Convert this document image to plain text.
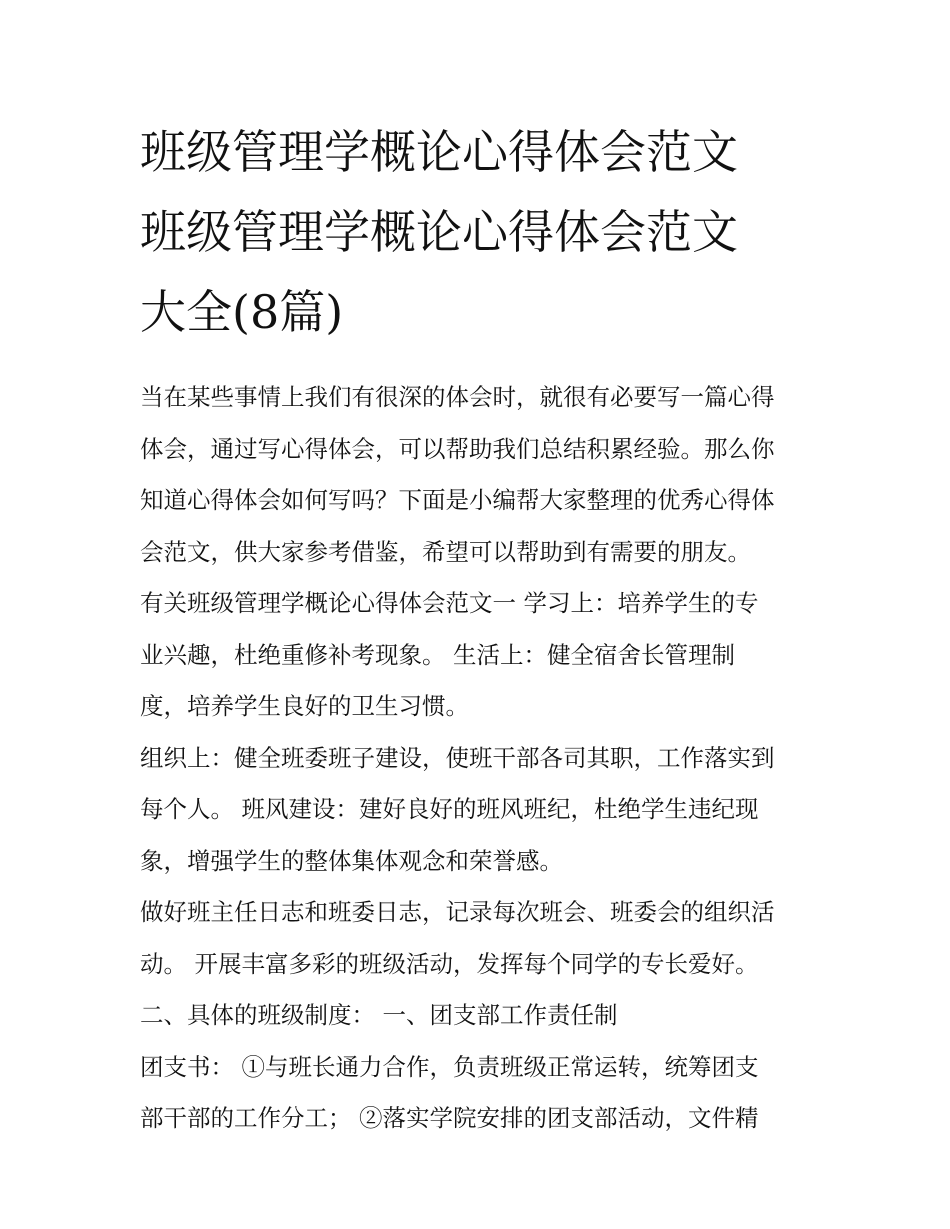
班级管理学概论心得体会范文
班级管理学概论心得体会范文
大全(8篇)

当在某些事情上我们有很深的体会时，就很有必要写一篇心得
体会，通过写心得体会，可以帮助我们总结积累经验。那么你
知道心得体会如何写吗？下面是小编帮大家整理的优秀心得体
会范文，供大家参考借鉴，希望可以帮助到有需要的朋友。

有关班级管理学概论心得体会范文一 学习上：培养学生的专
业兴趣，杜绝重修补考现象。 生活上：健全宿舍长管理制
度，培养学生良好的卫生习惯。

组织上：健全班委班子建设，使班干部各司其职，工作落实到
每个人。 班风建设：建好良好的班风班纪，杜绝学生违纪现
象，增强学生的整体集体观念和荣誉感。

做好班主任日志和班委日志，记录每次班会、班委会的组织活
动。 开展丰富多彩的班级活动，发挥每个同学的专长爱好。

二、具体的班级制度： 一、团支部工作责任制

团支书： ①与班长通力合作，负责班级正常运转，统筹团支
部干部的工作分工； ②落实学院安排的团支部活动，文件精
